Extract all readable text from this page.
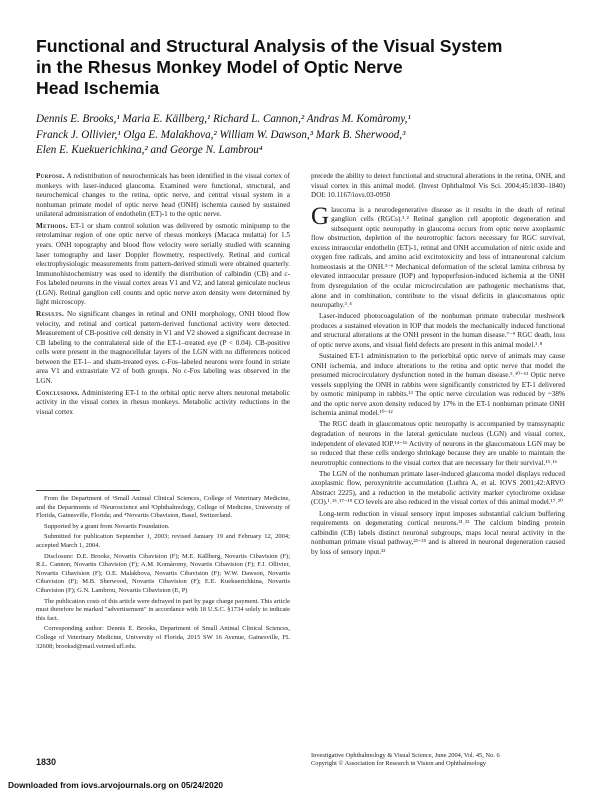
Functional and Structural Analysis of the Visual System
in the Rhesus Monkey Model of Optic Nerve
Head Ischemia
Dennis E. Brooks,¹ Maria E. Källberg,¹ Richard L. Cannon,² Andras M. Komàromy,¹
Franck J. Ollivier,¹ Olga E. Malakhova,² William W. Dawson,³ Mark B. Sherwood,³
Elen E. Kuekuerichkina,² and George N. Lambrou⁴

Purpose. A redistribution of neurochemicals has been identified in the visual cortex of monkeys with laser-induced glaucoma. Examined were functional, structural, and neurochemical changes to the retina, optic nerve, and central visual system in a nonhuman primate model of optic nerve head (ONH) ischemia caused by sustained unilateral administration of endothelin (ET)-1 to the optic nerve.

Methods. ET-1 or sham control solution was delivered by osmotic minipump to the retrolaminar region of one optic nerve of rhesus monkeys (Macaca mulatta) for 1.5 years. ONH topography and blood flow velocity were serially studied with scanning laser tomography and laser Doppler flowmetry, respectively. Retinal and cortical electrophysiologic measurements from pattern-derived stimuli were obtained quarterly. Immunohistochemistry was used to identify the distribution of calbindin (CB) and c-Fos labeled neurons in the visual cortex areas V1 and V2, and lateral geniculate nucleus (LGN). Retinal ganglion cell counts and optic nerve axon density were determined by light microscopy.

Results. No significant changes in retinal and ONH morphology, ONH blood flow velocity, and retinal and cortical pattern-derived functional activity were detected. Measurement of CB-positive cell density in V1 and V2 showed a significant decrease in CB labeling to the contralateral side of the ET-1–treated eye (P < 0.04). CB-positive cells were present in the magnocellular layers of the LGN with no differences noticed between the ET-1– and sham-treated eyes. c-Fos–labeled neurons were found in striate area V1 and extrastriate V2 of both groups. No c-Fos labeling was observed in the LGN.

Conclusions. Administering ET-1 to the orbital optic nerve alters neuronal metabolic activity in the visual cortex in rhesus monkeys. Metabolic activity reductions in the visual cortex

precede the ability to detect functional and structural alterations in the retina, ONH, and visual cortex in this animal model. (Invest Ophthalmol Vis Sci. 2004;45:1830–1840) DOI: 10.1167/iovs.03-0950

Glaucoma is a neurodegenerative disease as it results in the death of retinal ganglion cells (RGCs).¹˒² Retinal ganglion cell apoptotic degeneration and subsequent optic neuropathy in glaucoma occurs from optic nerve axoplasmic flow obstruction, depletion of the neurotrophic factors necessary for RGC survival, excess intraocular endothelin (ET)-1, retinal and ONH accumulation of nitric oxide and oxygen free radicals, and amino acid excitotoxicity and loss of intraneuronal calcium homeostasis at the ONH.³⁻⁶ Mechanical deformation of the scleral lamina cribrosa by elevated intraocular pressure (IOP) and hypoperfusion-induced ischemia at the ONH from dysregulation of the ocular microcirculation are pathogenic mechanisms that, alone and in combination, contribute to the visual deficits in glaucomatous optic neuropathy.³˒⁴

Laser-induced photocoagulation of the nonhuman primate trabecular meshwork produces a sustained elevation in IOP that models the mechanically induced functional and structural alterations at the ONH present in the human disease.⁷⁻⁹ RGC death, loss of optic nerve axons, and visual field defects are present in this animal model.¹˒⁸

Sustained ET-1 administration to the periorbital optic nerve of animals may cause ONH ischemia, and induce alterations to the retina and optic nerve that model the presumed microcirculatory dysfunction noted in the human disease.⁵˒¹⁰⁻¹³ Optic nerve vessels supplying the ONH in rabbits were significantly constricted by ET-1 delivered by osmotic minipump in rabbits.¹³ The optic nerve circulation was reduced by ~38% and the optic nerve axon density reduced by 17% in the ET-1 nonhuman primate ONH ischemia animal model.¹⁰⁻¹²

The RGC death in glaucomatous optic neuropathy is accompanied by transsynaptic degradation of neurons in the lateral geniculate nucleus (LGN) and visual cortex, independent of elevated IOP.¹⁴⁻¹⁶ Activity of neurons in the glaucomatous LGN may be so reduced that these cells undergo shrinkage because they are unable to maintain the neurotrophic connections to the visual cortex that are necessary for their survival.¹⁵˒¹⁶

The LGN of the nonhuman primate laser-induced glaucoma model displays reduced axoplasmic flow, peroxynitrite accumulation (Luthra A, et al. IOVS 2001;42:ARVO Abstract 2225), and a reduction in the metabolic activity marker cytochrome oxidase (CO).¹˒¹⁵˒¹⁷⁻¹⁹ CO levels are also reduced in the visual cortex of this animal model.¹⁷˒²⁰

Long-term reduction in visual sensory input imposes substantial calcium buffering requirements on degenerating cortical neurons.²¹˒²² The calcium binding protein calbindin (CB) labels distinct neuronal subgroups, maps local neural activity in the nonhuman primate visual pathway,²³⁻²⁵ and is altered in neuronal degeneration caused by loss of sensory input.²²

From the Department of ¹Small Animal Clinical Sciences, College of Veterinary Medicine, and the Departments of ²Neuroscience and ³Ophthalmology, College of Medicine, University of Florida, Gainesville, Florida; and ⁴Novartis Cibavision, Basel, Switzerland.

Supported by a grant from Novartis Foundation.

Submitted for publication September 1, 2003; revised January 19 and February 12, 2004; accepted March 1, 2004.

Disclosure: D.E. Brooks, Novartis Cibavision (F); M.E. Källberg, Novartis Cibavision (F); R.L. Cannon, Novartis Cibavision (F); A.M. Komàromy, Novartis Cibavision (F); F.J. Ollivier, Novartis Cibavision (F); O.E. Malakhova, Novartis Cibavision (F); W.W. Dawson, Novartis Cibavision (F); M.B. Sherwood, Novartis Cibavision (F); E.E. Kuekuerichkina, Novartis Cibavision (F); G.N. Lambrou, Novartis Cibavision (E, P)

The publication costs of this article were defrayed in part by page charge payment. This article must therefore be marked "advertisement" in accordance with 18 U.S.C. §1734 solely to indicate this fact.

Corresponding author: Dennis E. Brooks, Department of Small Animal Clinical Sciences, College of Veterinary Medicine, University of Florida, 2015 SW 16 Avenue, Gainesville, FL 32608; brooksd@mail.vetmed.ufl.edu.

1830
Investigative Ophthalmology & Visual Science, June 2004, Vol. 45, No. 6
Copyright © Association for Research in Vision and Ophthalmology
Downloaded from iovs.arvojournals.org on 05/24/2020
